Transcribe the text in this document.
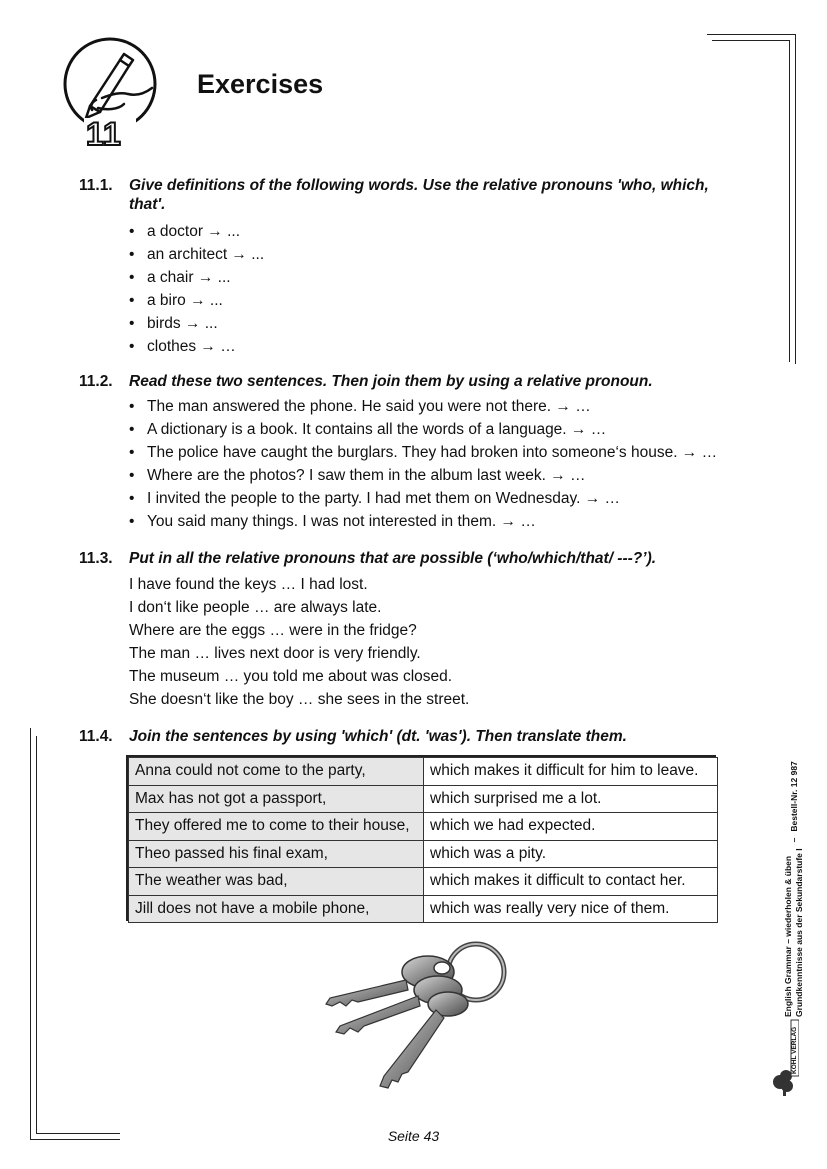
11
Exercises
11.1.	Give definitions of the following words. Use the relative pronouns 'who, which, that'.
• a doctor → ...
• an architect → ...
• a chair → ...
• a biro → ...
• birds → ...
• clothes → …
11.2.	Read these two sentences. Then join them by using a relative pronoun.
• The man answered the phone. He said you were not there. → …
• A dictionary is a book. It contains all the words of a language. → …
• The police have caught the burglars. They had broken into someone‘s house. → …
• Where are the photos? I saw them in the album last week. → …
• I invited the people to the party. I had met them on Wednesday. → …
• You said many things. I was not interested in them. → …
11.3.	Put in all the relative pronouns that are possible (‘who/which/that/ ---?’).
I have found the keys … I had lost.
I don‘t like people … are always late.
Where are the eggs … were in the fridge?
The man … lives next door is very friendly.
The museum … you told me about was closed.
She doesn‘t like the boy … she sees in the street.
11.4.	Join the sentences by using 'which' (dt. 'was'). Then translate them.
Anna could not come to the party,	which makes it difficult for him to leave.
Max has not got a passport,	which surprised me a lot.
They offered me to come to their house,	which we had expected.
Theo passed his final exam,	which was a pity.
The weather was bad,	which makes it difficult to contact her.
Jill does not have a mobile phone,	which was really very nice of them.	English Grammar – wiederholen & üben Grundkenntnisse aus der Sekundarstufe I
–
Bestell-Nr. 12 987
KOHL VERLAG
Seite 43
